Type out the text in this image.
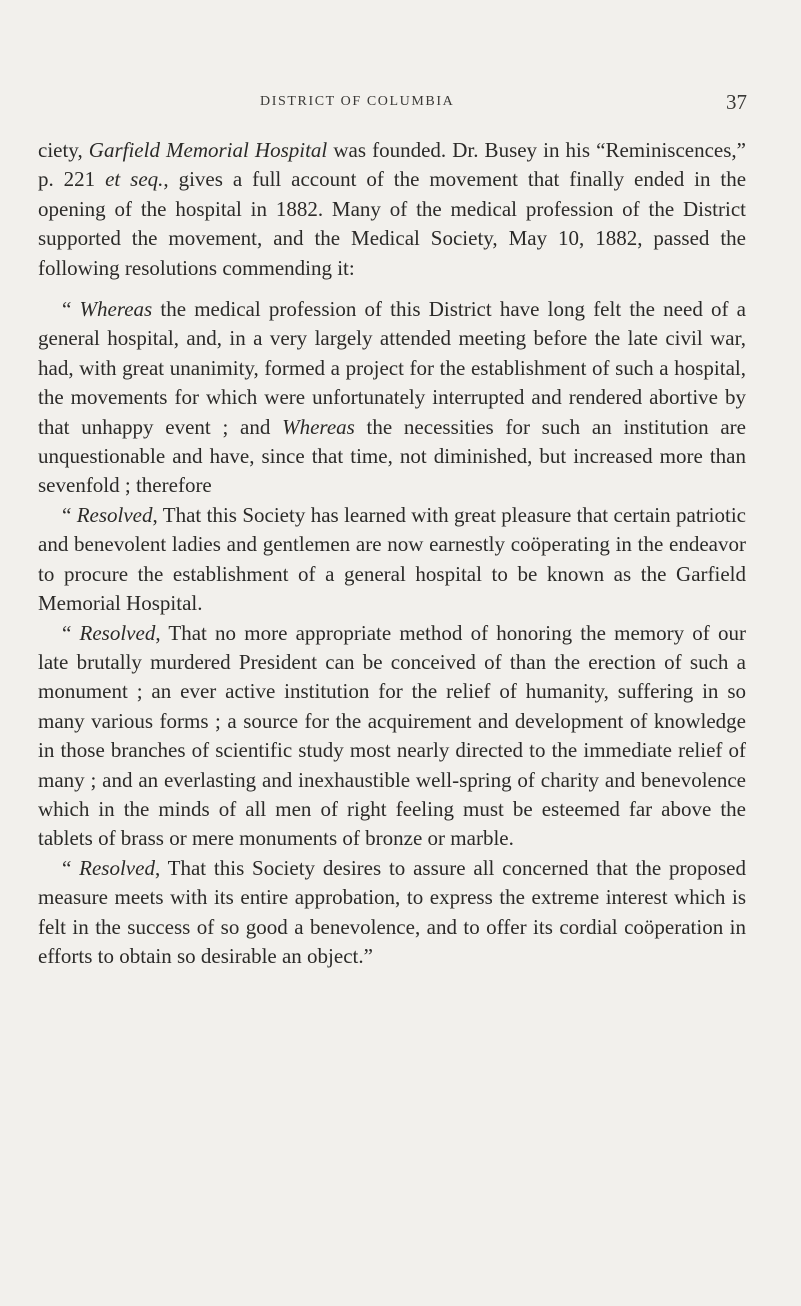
DISTRICT OF COLUMBIA	37

ciety, Garfield Memorial Hospital was founded. Dr. Busey in his “Reminiscences,” p. 221 et seq., gives a full account of the movement that finally ended in the opening of the hospital in 1882. Many of the medical profession of the District supported the movement, and the Medical Society, May 10, 1882, passed the following resolutions commending it:

“ Whereas the medical profession of this District have long felt the need of a general hospital, and, in a very largely attended meeting before the late civil war, had, with great unanimity, formed a project for the establishment of such a hospital, the movements for which were unfortunately interrupted and rendered abortive by that unhappy event ; and Whereas the necessities for such an institution are unquestionable and have, since that time, not diminished, but increased more than sevenfold ; therefore

“ Resolved, That this Society has learned with great pleasure that certain patriotic and benevolent ladies and gentlemen are now earnestly coöperating in the endeavor to procure the establishment of a general hospital to be known as the Garfield Memorial Hospital.

“ Resolved, That no more appropriate method of honoring the memory of our late brutally murdered President can be conceived of than the erection of such a monument ; an ever active institution for the relief of humanity, suffering in so many various forms ; a source for the acquirement and development of knowledge in those branches of scientific study most nearly directed to the immediate relief of many ; and an everlasting and inexhaustible well-spring of charity and benevolence which in the minds of all men of right feeling must be esteemed far above the tablets of brass or mere monuments of bronze or marble.

“ Resolved, That this Society desires to assure all concerned that the proposed measure meets with its entire approbation, to express the extreme interest which is felt in the success of so good a benevolence, and to offer its cordial coöperation in efforts to obtain so desirable an object.”
